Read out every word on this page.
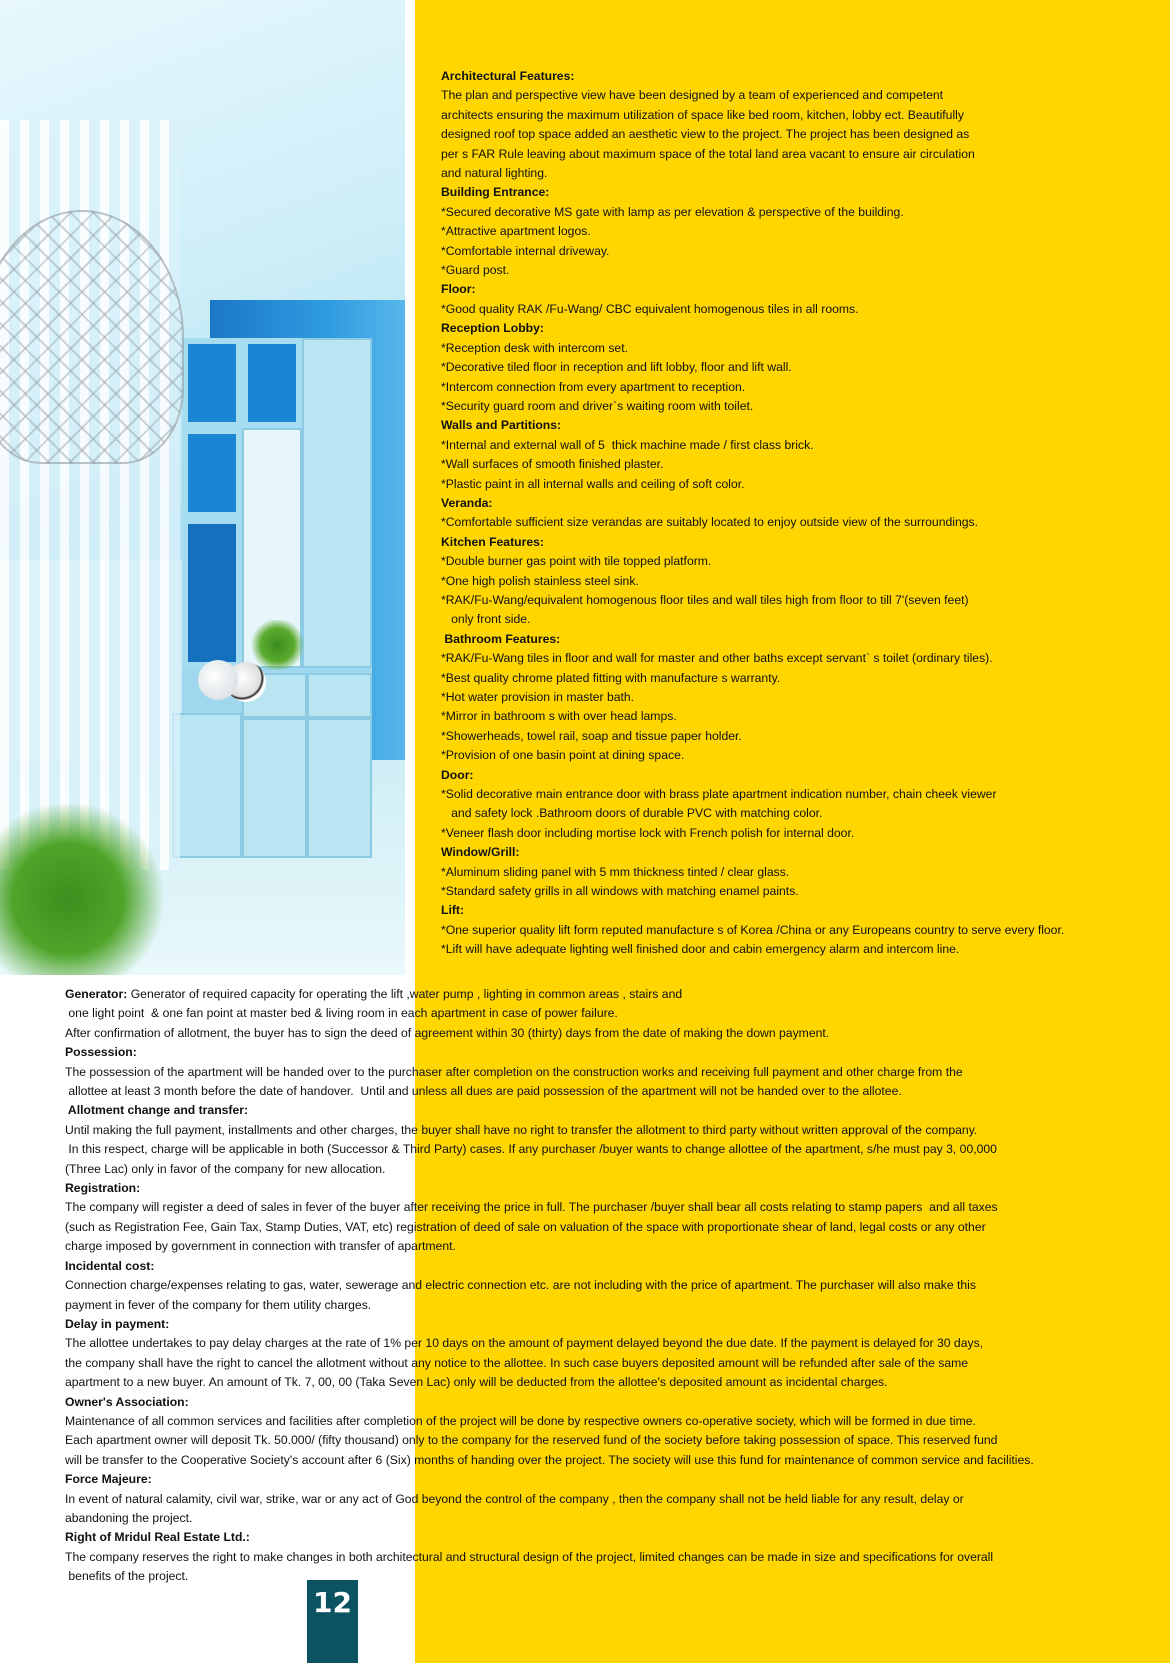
Architectural Features:
The plan and perspective view have been designed by a team of experienced and competent
architects ensuring the maximum utilization of space like bed room, kitchen, lobby ect. Beautifully
designed roof top space added an aesthetic view to the project. The project has been designed as
per s FAR Rule leaving about maximum space of the total land area vacant to ensure air circulation
and natural lighting.
Building Entrance:
*Secured decorative MS gate with lamp as per elevation & perspective of the building.
*Attractive apartment logos.
*Comfortable internal driveway.
*Guard post.
Floor:
*Good quality RAK /Fu-Wang/ CBC equivalent homogenous tiles in all rooms.
Reception Lobby:
*Reception desk with intercom set.
*Decorative tiled floor in reception and lift lobby, floor and lift wall.
*Intercom connection from every apartment to reception.
*Security guard room and driver`s waiting room with toilet.
Walls and Partitions:
*Internal and external wall of 5  thick machine made / first class brick.
*Wall surfaces of smooth finished plaster.
*Plastic paint in all internal walls and ceiling of soft color.
Veranda:
*Comfortable sufficient size verandas are suitably located to enjoy outside view of the surroundings.
Kitchen Features:
*Double burner gas point with tile topped platform.
*One high polish stainless steel sink.
*RAK/Fu-Wang/equivalent homogenous floor tiles and wall tiles high from floor to till 7'(seven feet)
only front side.
Bathroom Features:
*RAK/Fu-Wang tiles in floor and wall for master and other baths except servant` s toilet (ordinary tiles).
*Best quality chrome plated fitting with manufacture s warranty.
*Hot water provision in master bath.
*Mirror in bathroom s with over head lamps.
*Showerheads, towel rail, soap and tissue paper holder.
*Provision of one basin point at dining space.
Door:
*Solid decorative main entrance door with brass plate apartment indication number, chain cheek viewer
and safety lock .Bathroom doors of durable PVC with matching color.
*Veneer flash door including mortise lock with French polish for internal door.
Window/Grill:
*Aluminum sliding panel with 5 mm thickness tinted / clear glass.
*Standard safety grills in all windows with matching enamel paints.
Lift:
*One superior quality lift form reputed manufacture s of Korea /China or any Europeans country to serve every floor.
*Lift will have adequate lighting well finished door and cabin emergency alarm and intercom line.
Generator: Generator of required capacity for operating the lift ,water pump , lighting in common areas , stairs and
one light point  & one fan point at master bed & living room in each apartment in case of power failure.
After confirmation of allotment, the buyer has to sign the deed of agreement within 30 (thirty) days from the date of making the down payment.
Possession:
The possession of the apartment will be handed over to the purchaser after completion on the construction works and receiving full payment and other charge from the
allottee at least 3 month before the date of handover.  Until and unless all dues are paid possession of the apartment will not be handed over to the allotee.
Allotment change and transfer:
Until making the full payment, installments and other charges, the buyer shall have no right to transfer the allotment to third party without written approval of the company.
In this respect, charge will be applicable in both (Successor & Third Party) cases. If any purchaser /buyer wants to change allottee of the apartment, s/he must pay 3, 00,000
(Three Lac) only in favor of the company for new allocation.
Registration:
The company will register a deed of sales in fever of the buyer after receiving the price in full. The purchaser /buyer shall bear all costs relating to stamp papers  and all taxes
(such as Registration Fee, Gain Tax, Stamp Duties, VAT, etc) registration of deed of sale on valuation of the space with proportionate shear of land, legal costs or any other
charge imposed by government in connection with transfer of apartment.
Incidental cost:
Connection charge/expenses relating to gas, water, sewerage and electric connection etc. are not including with the price of apartment. The purchaser will also make this
payment in fever of the company for them utility charges.
Delay in payment:
The allottee undertakes to pay delay charges at the rate of 1% per 10 days on the amount of payment delayed beyond the due date. If the payment is delayed for 30 days,
the company shall have the right to cancel the allotment without any notice to the allottee. In such case buyers deposited amount will be refunded after sale of the same
apartment to a new buyer. An amount of Tk. 7, 00, 00 (Taka Seven Lac) only will be deducted from the allottee's deposited amount as incidental charges.
Owner's Association:
Maintenance of all common services and facilities after completion of the project will be done by respective owners co-operative society, which will be formed in due time.
Each apartment owner will deposit Tk. 50.000/ (fifty thousand) only to the company for the reserved fund of the society before taking possession of space. This reserved fund
will be transfer to the Cooperative Society's account after 6 (Six) months of handing over the project. The society will use this fund for maintenance of common service and facilities.
Force Majeure:
In event of natural calamity, civil war, strike, war or any act of God beyond the control of the company , then the company shall not be held liable for any result, delay or
abandoning the project.
Right of Mridul Real Estate Ltd.:
The company reserves the right to make changes in both architectural and structural design of the project, limited changes can be made in size and specifications for overall
benefits of the project.
12
